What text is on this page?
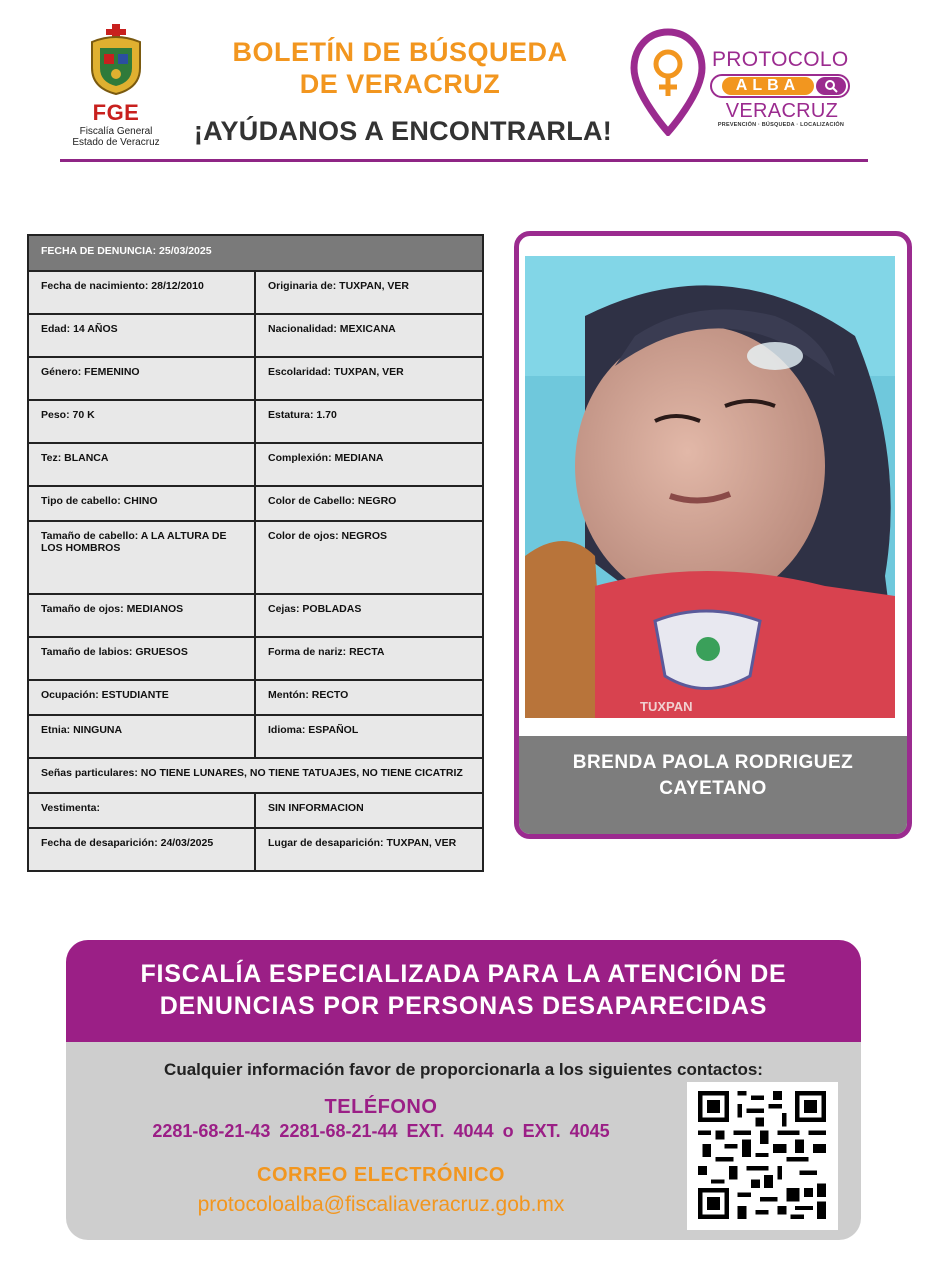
FGE
Fiscalía General
Estado de Veracruz
BOLETÍN DE BÚSQUEDA
DE VERACRUZ
¡AYÚDANOS A ENCONTRARLA!
PROTOCOLO
ALBA
VERACRUZ
PREVENCIÓN · BÚSQUEDA · LOCALIZACIÓN
FECHA DE DENUNCIA: 25/03/2025	
Fecha de nacimiento: 28/12/2010	Originaria de: TUXPAN, VER
Edad: 14 AÑOS	Nacionalidad: MEXICANA
Género: FEMENINO	Escolaridad: TUXPAN, VER
Peso: 70 K	Estatura: 1.70
Tez: BLANCA	Complexión: MEDIANA
Tipo de cabello: CHINO	Color de Cabello: NEGRO
Tamaño de cabello: A LA ALTURA DE LOS HOMBROS	Color de ojos: NEGROS
Tamaño de ojos: MEDIANOS	Cejas: POBLADAS
Tamaño de labios: GRUESOS	Forma de nariz: RECTA
Ocupación: ESTUDIANTE	Mentón: RECTO
Etnia: NINGUNA	Idioma: ESPAÑOL
Señas particulares: NO TIENE LUNARES, NO TIENE TATUAJES, NO TIENE CICATRIZ	
Vestimenta:	SIN INFORMACION
Fecha de desaparición: 24/03/2025	Lugar de desaparición: TUXPAN, VER
TUXPAN
BRENDA PAOLA RODRIGUEZ
CAYETANO
FISCALÍA ESPECIALIZADA PARA LA ATENCIÓN DE
DENUNCIAS POR PERSONAS DESAPARECIDAS
Cualquier información favor de proporcionarla a los siguientes contactos:
TELÉFONO
2281-68-21-43 2281-68-21-44 EXT. 4044 o EXT. 4045
CORREO ELECTRÓNICO
protocoloalba@fiscaliaveracruz.gob.mx
